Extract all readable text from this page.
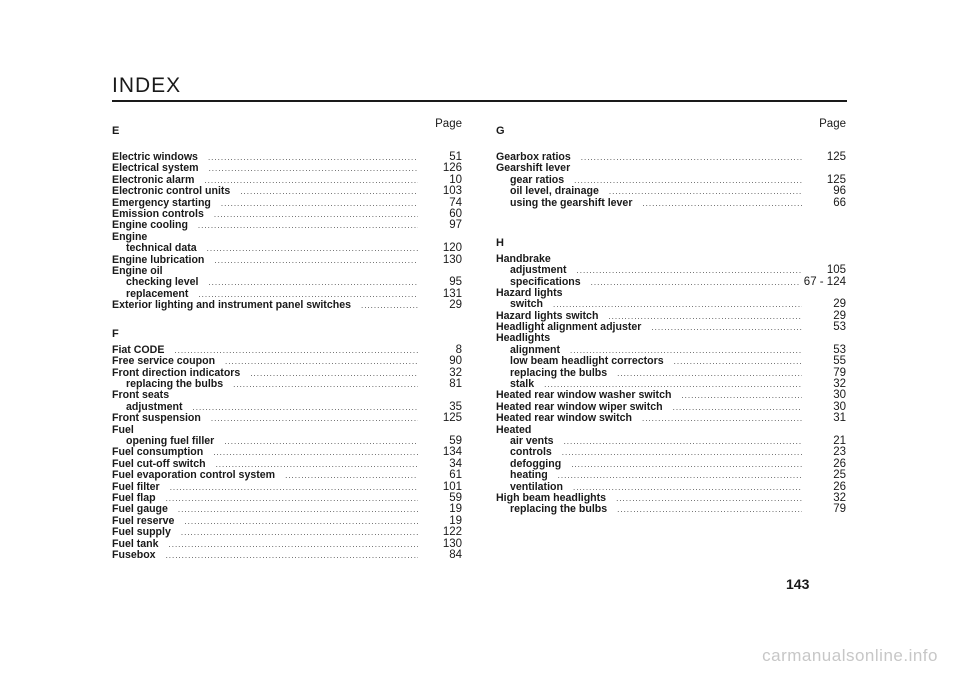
INDEX
E
Page
Electric windows .....	51
Electrical system .....	126
Electronic alarm .....	10
Electronic control units .....	103
Emergency starting .....	74
Emission controls .....	60
Engine cooling .....	97
Engine
technical data .....	120
Engine lubrication .....	130
Engine oil
checking level .....	95
replacement .....	131
Exterior lighting and instrument panel switches .....	29
F
Fiat CODE .....	8
Free service coupon .....	90
Front direction indicators .....	32
replacing the bulbs .....	81
Front seats
adjustment .....	35
Front suspension .....	125
Fuel
opening fuel filler .....	59
Fuel consumption .....	134
Fuel cut-off switch .....	34
Fuel evaporation control system .....	61
Fuel filter .....	101
Fuel flap .....	59
Fuel gauge .....	19
Fuel reserve .....	19
Fuel supply .....	122
Fuel tank .....	130
Fusebox .....	84
G
Page
Gearbox ratios .....	125
Gearshift lever
gear ratios .....	125
oil level, drainage .....	96
using the gearshift lever .....	66
H
Handbrake
adjustment .....	105
specifications .....	67 - 124
Hazard lights
switch .....	29
Hazard lights switch .....	29
Headlight alignment adjuster .....	53
Headlights
alignment .....	53
low beam headlight correctors .....	55
replacing the bulbs .....	79
stalk .....	32
Heated rear window washer switch .....	30
Heated rear window wiper switch .....	30
Heated rear window switch .....	31
Heated
air vents .....	21
controls .....	23
defogging .....	26
heating .....	25
ventilation .....	26
High beam headlights .....	32
replacing the bulbs .....	79
143
carmanualsonline.info
